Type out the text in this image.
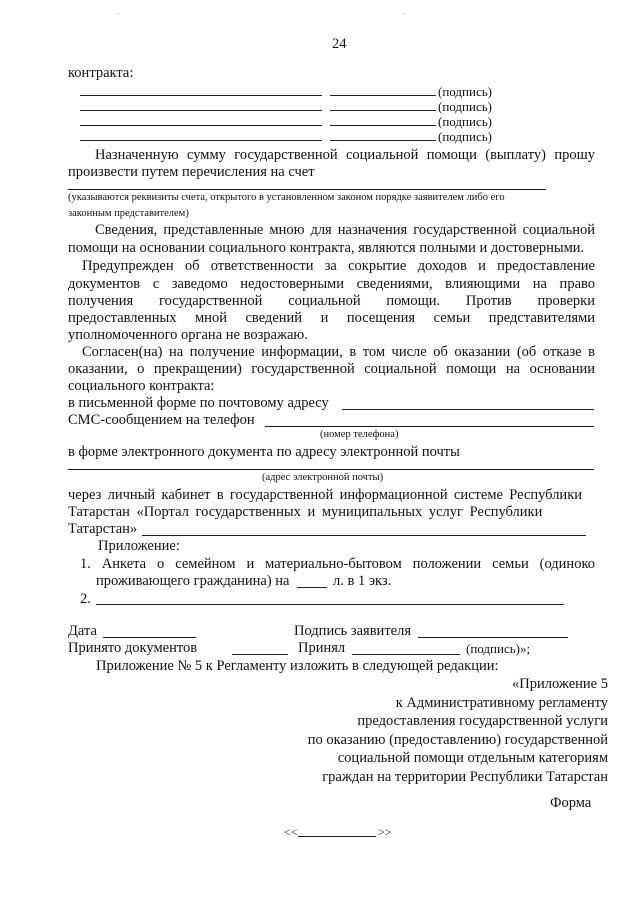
-	-
24
контракта:
(подпись)
(подпись)
(подпись)
(подпись)
Назначенную сумму государственной социальной помощи (выплату) прошу
произвести путем перечисления на счет
(указываются реквизиты счета, открытого в установленном законом порядке заявителем либо его
законным представителем)
Сведения, представленные мною для назначения государственной социальной
помощи на основании социального контракта, являются полными и достоверными.
Предупрежден об ответственности за сокрытие доходов и предоставление
документов с заведомо недостоверными сведениями, влияющими на право
получения государственной социальной помощи. Против проверки
предоставленных мной сведений и посещения семьи представителями
уполномоченного органа не возражаю.
Согласен(на) на получение информации, в том числе об оказании (об отказе в
оказании, о прекращении) государственной социальной помощи на основании
социального контракта:
в письменной форме по почтовому адресу
СМС-сообщением на телефон
(номер телефона)
в форме электронного документа по адресу электронной почты
(адрес электронной почты)
через личный кабинет в государственной информационной системе Республики
Татарстан «Портал государственных и муниципальных услуг Республики
Татарстан»
Приложение:
1. Анкета о семейном и материально-бытовом положении семьи (одиноко
проживающего гражданина) на	л. в 1 экз.
2.
Дата	Подпись заявителя
Принято документов	Принял	(подпись)»;
Приложение № 5 к Регламенту изложить в следующей редакции:
«Приложение 5
к Административному регламенту
предоставления государственной услуги
по оказанию (предоставлению) государственной
социальной помощи отдельным категориям
граждан на территории Республики Татарстан
Форма
<<	>>
